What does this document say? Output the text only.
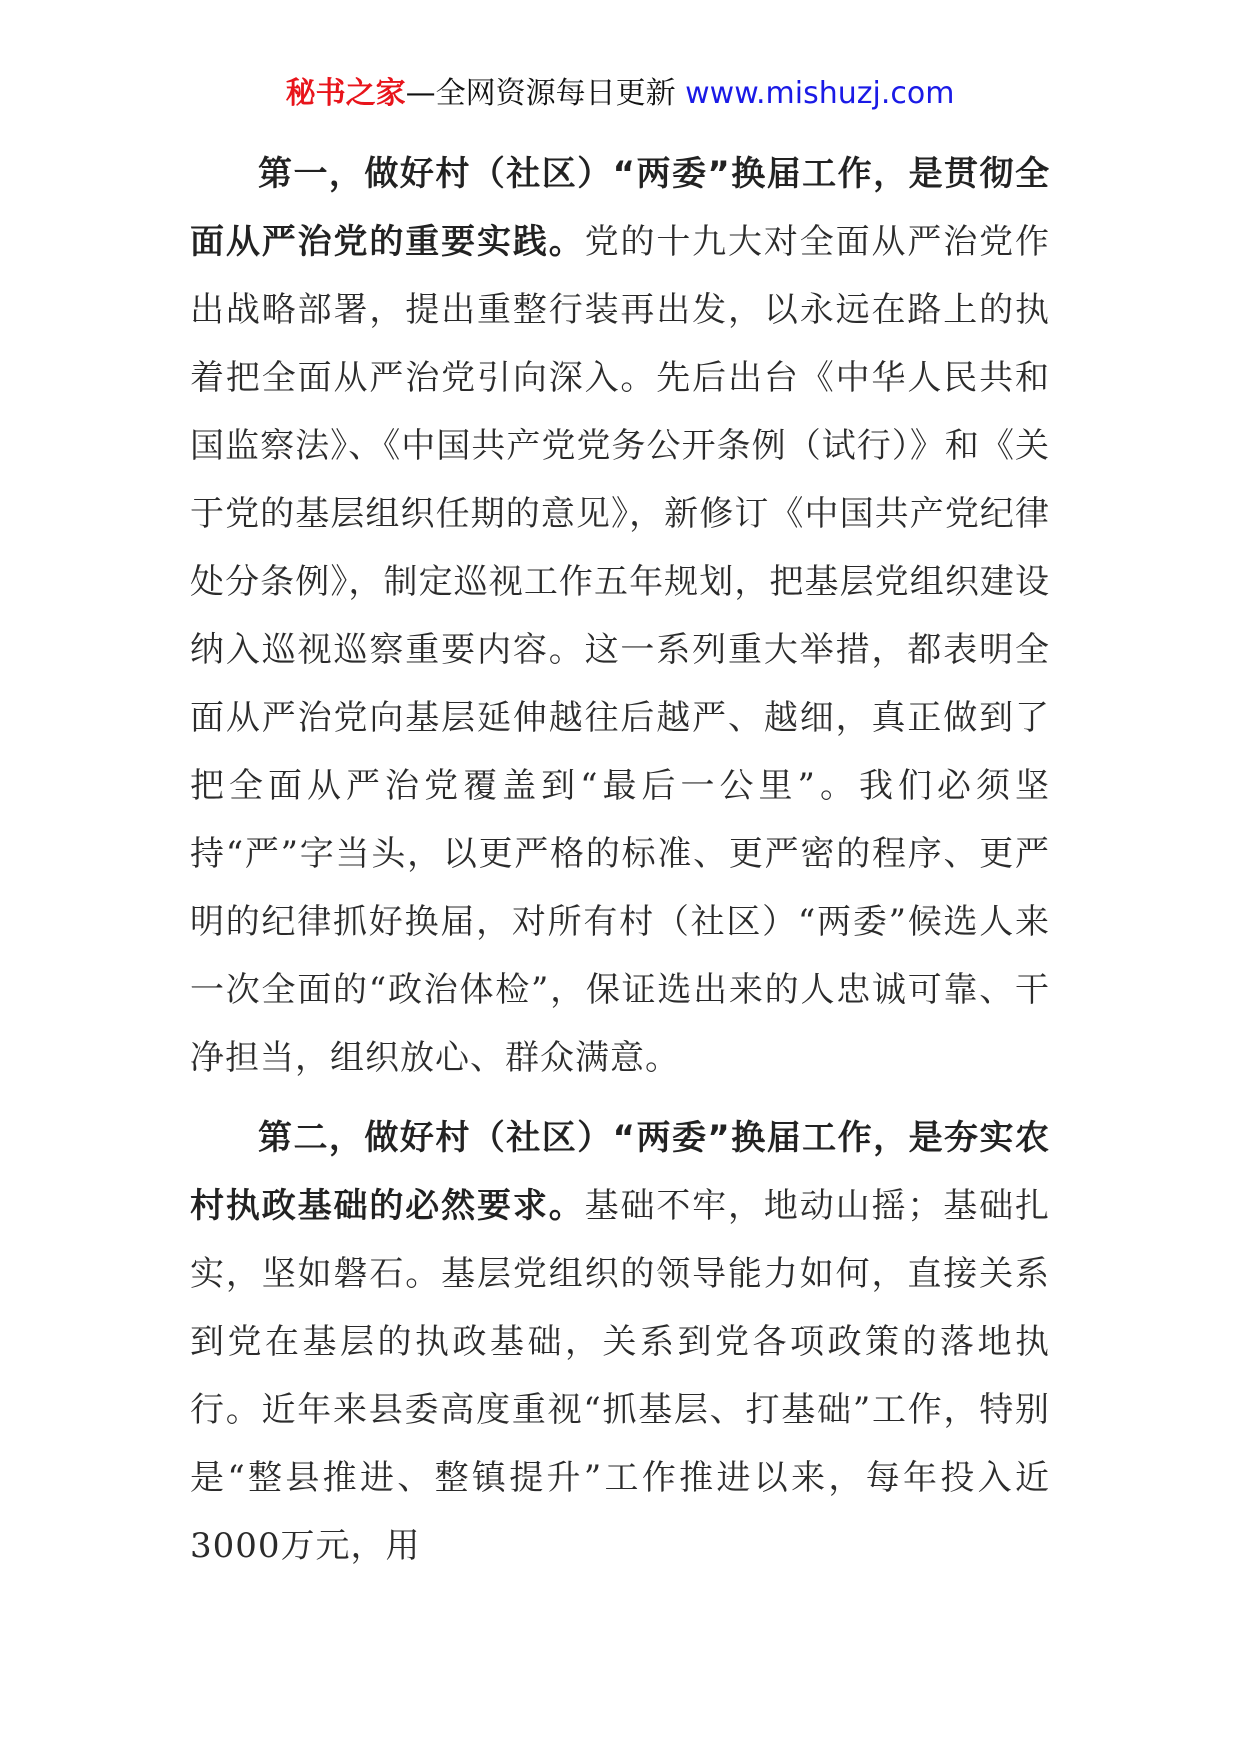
秘书之家—全网资源每日更新 www.mishuzj.com

第一，做好村（社区）“两委”换届工作，是贯彻全面从严治党的重要实践。党的十九大对全面从严治党作出战略部署，提出重整行装再出发，以永远在路上的执着把全面从严治党引向深入。先后出台《中华人民共和国监察法》、《中国共产党党务公开条例（试行）》和《关于党的基层组织任期的意见》，新修订《中国共产党纪律处分条例》，制定巡视工作五年规划，把基层党组织建设纳入巡视巡察重要内容。这一系列重大举措，都表明全面从严治党向基层延伸越往后越严、越细，真正做到了把全面从严治党覆盖到“最后一公里”。我们必须坚持“严”字当头，以更严格的标准、更严密的程序、更严明的纪律抓好换届，对所有村（社区）“两委”候选人来一次全面的“政治体检”，保证选出来的人忠诚可靠、干净担当，组织放心、群众满意。

第二，做好村（社区）“两委”换届工作，是夯实农村执政基础的必然要求。基础不牢，地动山摇；基础扎实，坚如磐石。基层党组织的领导能力如何，直接关系到党在基层的执政基础，关系到党各项政策的落地执行。近年来县委高度重视“抓基层、打基础”工作，特别是“整县推进、整镇提升”工作推进以来，每年投入近3000万元，用
